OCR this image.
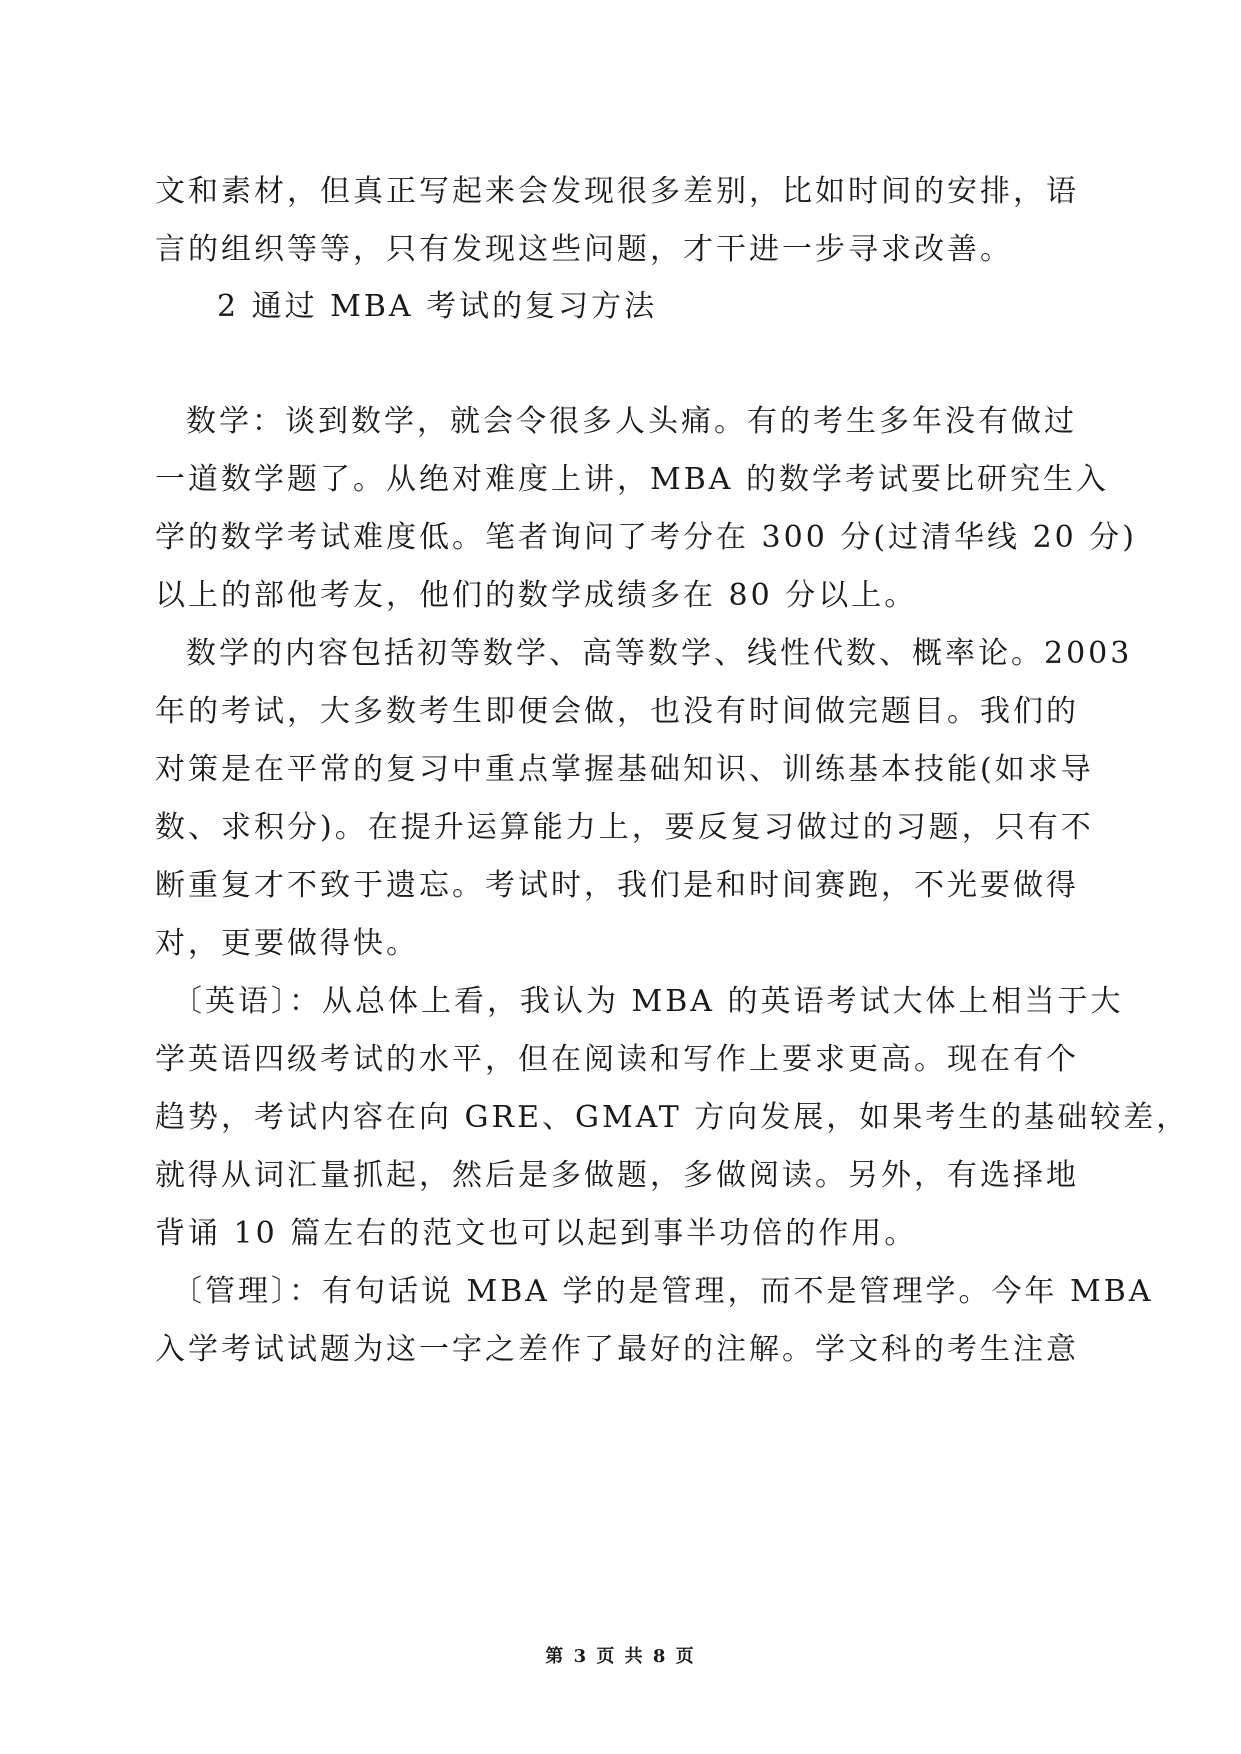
文和素材，但真正写起来会发现很多差别，比如时间的安排，语
言的组织等等，只有发现这些问题，才干进一步寻求改善。
2 通过 MBA 考试的复习方法
数学：谈到数学，就会令很多人头痛。有的考生多年没有做过
一道数学题了。从绝对难度上讲，MBA 的数学考试要比研究生入
学的数学考试难度低。笔者询问了考分在 300 分(过清华线 20 分)
以上的部他考友，他们的数学成绩多在 80 分以上。
数学的内容包括初等数学、高等数学、线性代数、概率论。2003
年的考试，大多数考生即便会做，也没有时间做完题目。我们的
对策是在平常的复习中重点掌握基础知识、训练基本技能(如求导
数、求积分)。在提升运算能力上，要反复习做过的习题，只有不
断重复才不致于遗忘。考试时，我们是和时间赛跑，不光要做得
对，更要做得快。
〔英语〕：从总体上看，我认为 MBA 的英语考试大体上相当于大
学英语四级考试的水平，但在阅读和写作上要求更高。现在有个
趋势，考试内容在向 GRE、GMAT 方向发展，如果考生的基础较差，
就得从词汇量抓起，然后是多做题，多做阅读。另外，有选择地
背诵 10 篇左右的范文也可以起到事半功倍的作用。
〔管理〕：有句话说 MBA 学的是管理，而不是管理学。今年 MBA
入学考试试题为这一字之差作了最好的注解。学文科的考生注意
第 3 页 共 8 页
